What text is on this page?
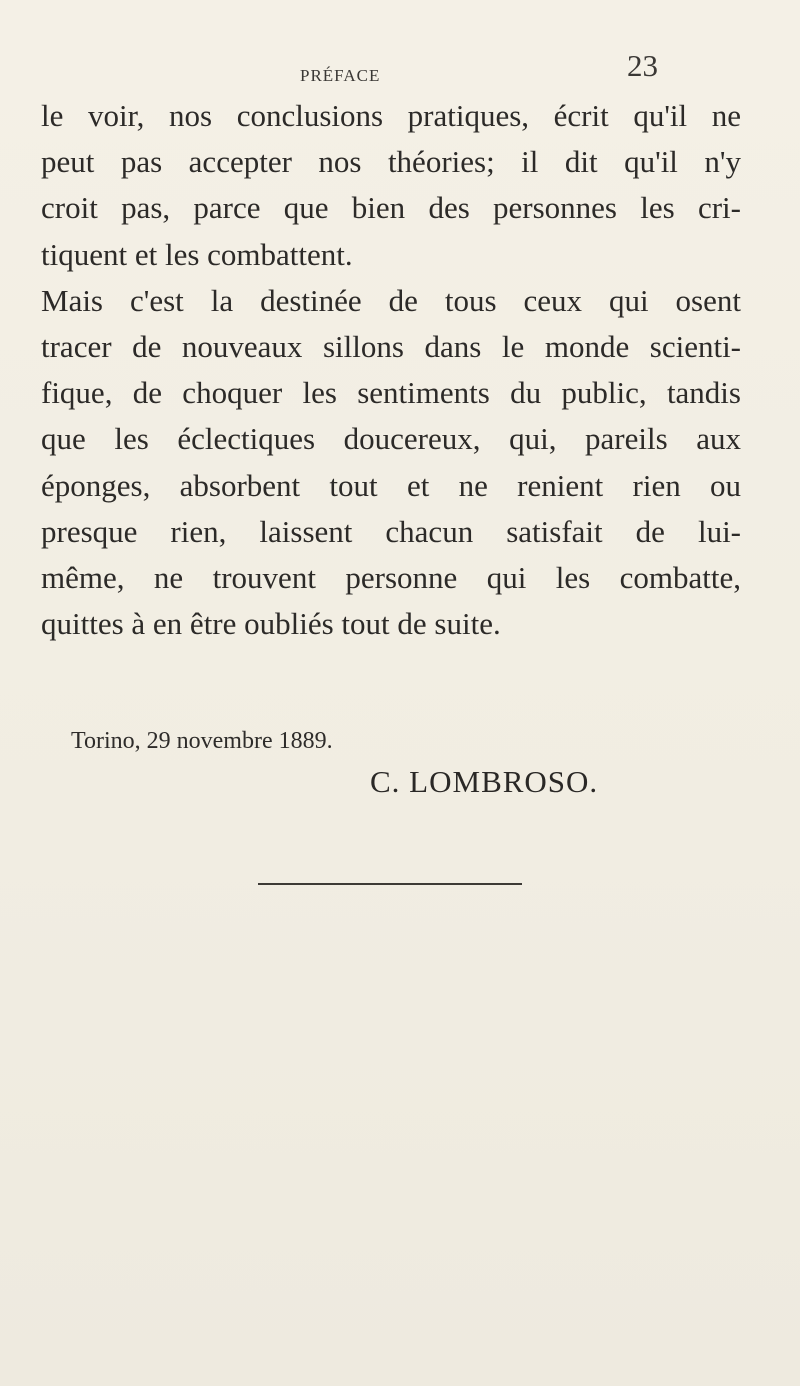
PRÉFACE	23
le voir, nos conclusions pratiques, écrit qu'il ne
peut pas accepter nos théories; il dit qu'il n'y
croit pas, parce que bien des personnes les cri-
tiquent et les combattent.
Mais c'est la destinée de tous ceux qui osent
tracer de nouveaux sillons dans le monde scienti-
fique, de choquer les sentiments du public, tandis
que les éclectiques doucereux, qui, pareils aux
éponges, absorbent tout et ne renient rien ou
presque rien, laissent chacun satisfait de lui-
même, ne trouvent personne qui les combatte,
quittes à en être oubliés tout de suite.
Torino, 29 novembre 1889.
C. LOMBROSO.
